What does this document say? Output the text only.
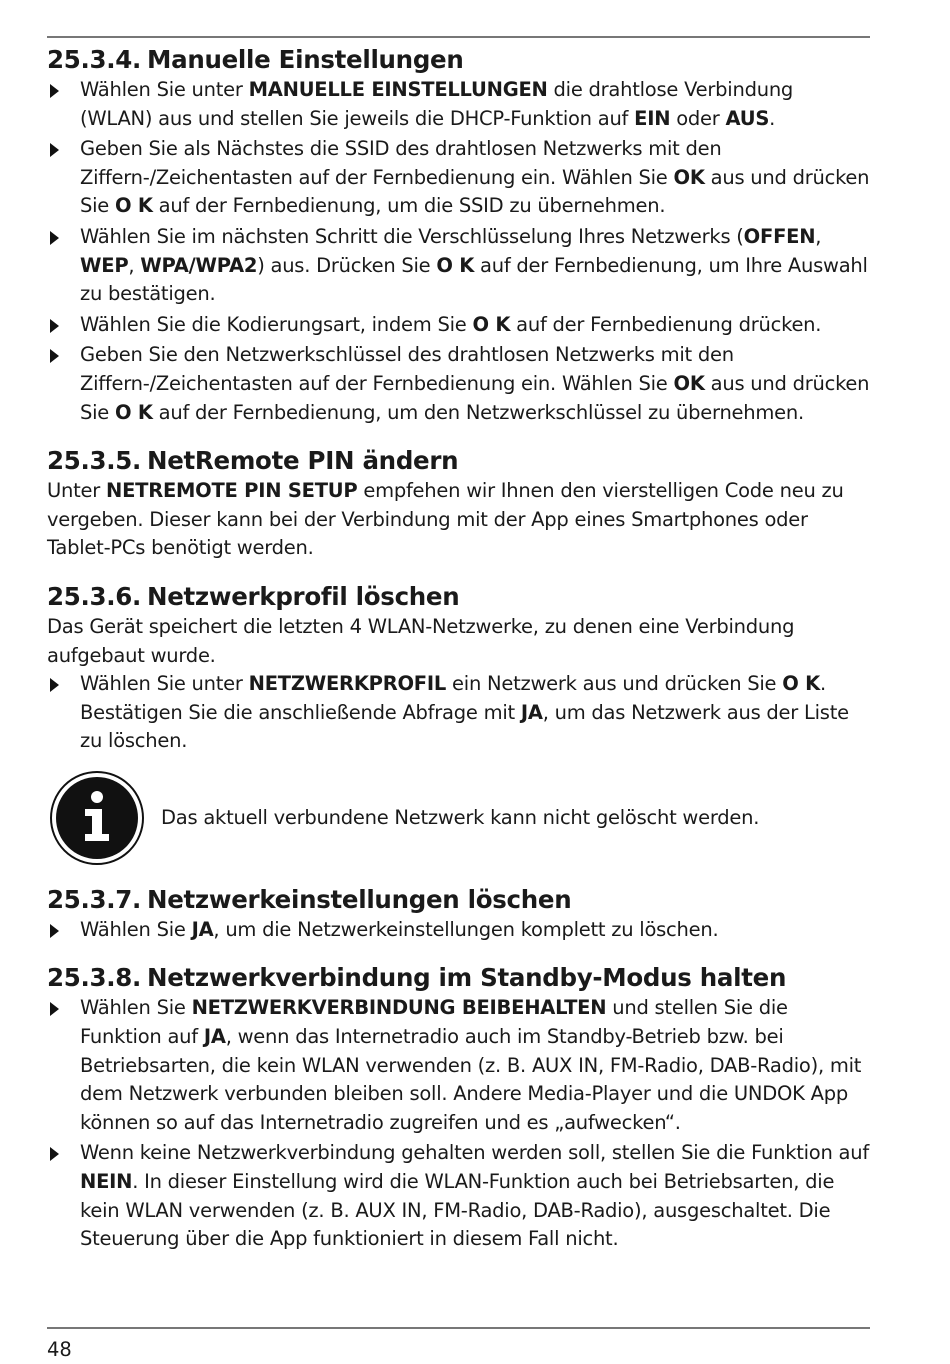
25.3.4. Manuelle Einstellungen
Wählen Sie unter MANUELLE EINSTELLUNGEN die drahtlose Verbindung (WLAN) aus und stellen Sie jeweils die DHCP-Funktion auf EIN oder AUS.
Geben Sie als Nächstes die SSID des drahtlosen Netzwerks mit den Ziffern-/Zeichentasten auf der Fernbedienung ein. Wählen Sie OK aus und drücken Sie O K auf der Fernbedienung, um die SSID zu übernehmen.
Wählen Sie im nächsten Schritt die Verschlüsselung Ihres Netzwerks (OFFEN, WEP, WPA/WPA2) aus. Drücken Sie O K auf der Fernbedienung, um Ihre Auswahl zu bestätigen.
Wählen Sie die Kodierungsart, indem Sie O K auf der Fernbedienung drücken.
Geben Sie den Netzwerkschlüssel des drahtlosen Netzwerks mit den Ziffern-/Zeichentasten auf der Fernbedienung ein. Wählen Sie OK aus und drücken Sie O K auf der Fernbedienung, um den Netzwerkschlüssel zu übernehmen.
25.3.5. NetRemote PIN ändern

Unter NETREMOTE PIN SETUP empfehen wir Ihnen den vierstelligen Code neu zu vergeben. Dieser kann bei der Verbindung mit der App eines Smartphones oder Tablet-PCs benötigt werden.

25.3.6. Netzwerkprofil löschen

Das Gerät speichert die letzten 4 WLAN-Netzwerke, zu denen eine Verbindung aufgebaut wurde.

Wählen Sie unter NETZWERKPROFIL ein Netzwerk aus und drücken Sie O K. Bestätigen Sie die anschließende Abfrage mit JA, um das Netzwerk aus der Liste zu löschen.
Das aktuell verbundene Netzwerk kann nicht gelöscht werden.
25.3.7. Netzwerkeinstellungen löschen
Wählen Sie JA, um die Netzwerkeinstellungen komplett zu löschen.
25.3.8. Netzwerkverbindung im Standby-Modus halten
Wählen Sie NETZWERKVERBINDUNG BEIBEHALTEN und stellen Sie die Funktion auf JA, wenn das Internetradio auch im Standby-Betrieb bzw. bei Betriebsarten, die kein WLAN verwenden (z. B. AUX IN, FM-Radio, DAB-Radio), mit dem Netzwerk verbunden bleiben soll. Andere Media-Player und die UNDOK App können so auf das Internetradio zugreifen und es „aufwecken“.
Wenn keine Netzwerkverbindung gehalten werden soll, stellen Sie die Funktion auf NEIN. In dieser Einstellung wird die WLAN-Funktion auch bei Betriebsarten, die kein WLAN verwenden (z. B. AUX IN, FM-Radio, DAB-Radio), ausgeschaltet. Die Steuerung über die App funktioniert in diesem Fall nicht.
48
